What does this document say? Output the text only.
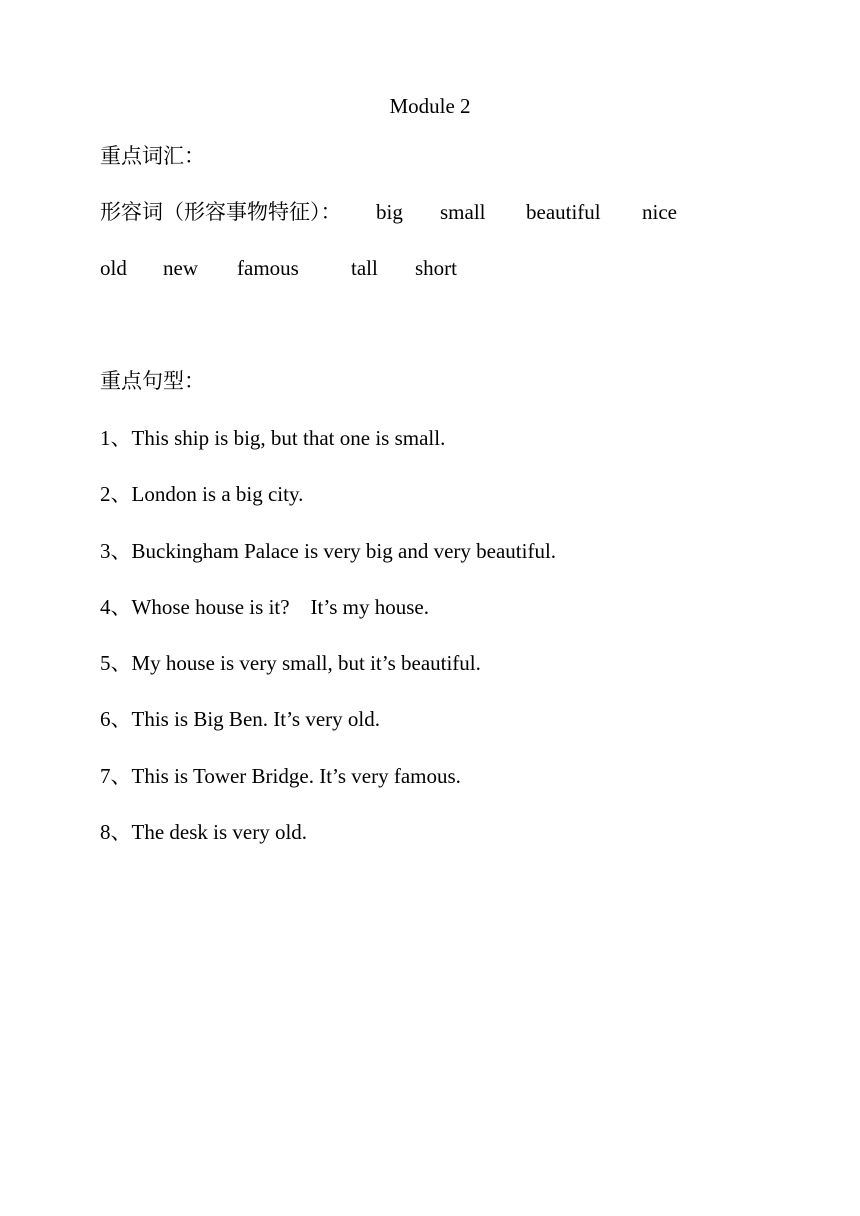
Module 2
重点词汇：
形容词（形容事物特征）： big small beautiful nice
old new famous tall short
重点句型：
1、This ship is big, but that one is small.
2、London is a big city.
3、Buckingham Palace is very big and very beautiful.
4、Whose house is it?    It’s my house.
5、My house is very small, but it’s beautiful.
6、This is Big Ben. It’s very old.
7、This is Tower Bridge. It’s very famous.
8、The desk is very old.
